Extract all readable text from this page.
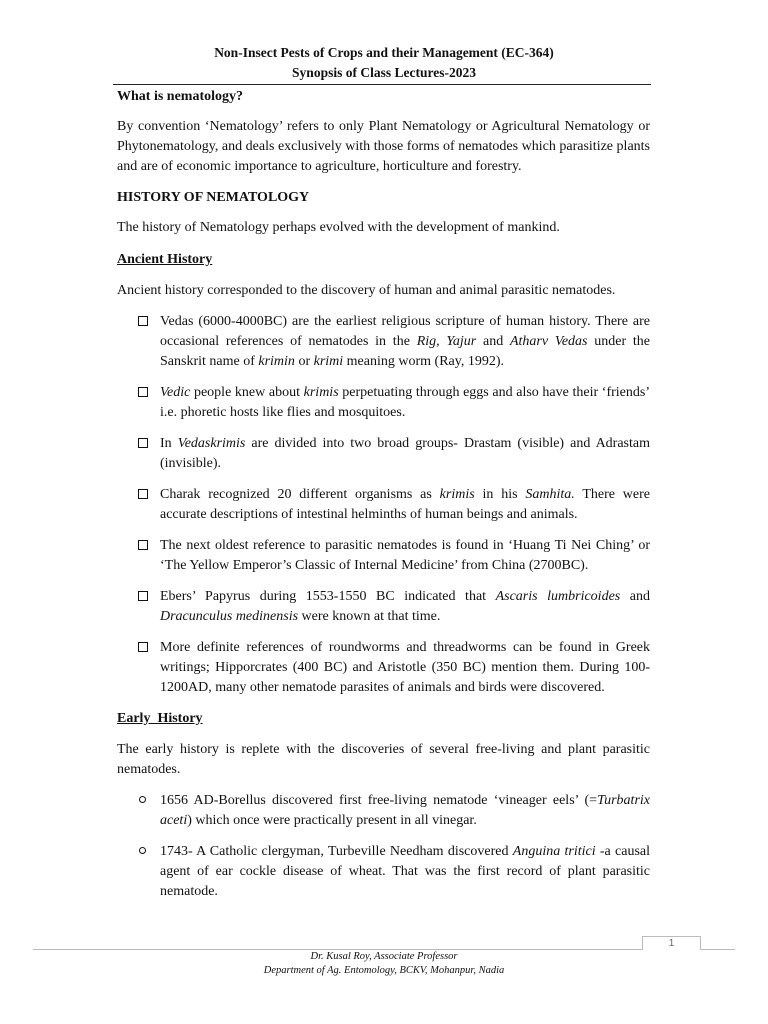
Non-Insect Pests of Crops and their Management (EC-364)
Synopsis of Class Lectures-2023

What is nematology?

By convention ‘Nematology’ refers to only Plant Nematology or Agricultural Nematology or Phytonematology, and deals exclusively with those forms of nematodes which parasitize plants and are of economic importance to agriculture, horticulture and forestry.

HISTORY OF NEMATOLOGY

The history of Nematology perhaps evolved with the development of mankind.

Ancient History

Ancient history corresponded to the discovery of human and animal parasitic nematodes.

Vedas (6000-4000BC) are the earliest religious scripture of human history. There are occasional references of nematodes in the Rig, Yajur and Atharv Vedas under the Sanskrit name of krimin or krimi meaning worm (Ray, 1992).
Vedic people knew about krimis perpetuating through eggs and also have their ‘friends’ i.e. phoretic hosts like flies and mosquitoes.
In Vedaskrimis are divided into two broad groups- Drastam (visible) and Adrastam (invisible).
Charak recognized 20 different organisms as krimis in his Samhita. There were accurate descriptions of intestinal helminths of human beings and animals.
The next oldest reference to parasitic nematodes is found in ‘Huang Ti Nei Ching’ or ‘The Yellow Emperor’s Classic of Internal Medicine’ from China (2700BC).
Ebers’ Papyrus during 1553-1550 BC indicated that Ascaris lumbricoides and Dracunculus medinensis were known at that time.
More definite references of roundworms and threadworms can be found in Greek writings; Hipporcrates (400 BC) and Aristotle (350 BC) mention them. During 100-1200AD, many other nematode parasites of animals and birds were discovered.

Early  History

The early history is replete with the discoveries of several free-living and plant parasitic nematodes.

1656 AD-Borellus discovered first free-living nematode ‘vineager eels’ (=Turbatrix aceti) which once were practically present in all vinegar.
1743- A Catholic clergyman, Turbeville Needham discovered Anguina tritici -a causal agent of ear cockle disease of wheat. That was the first record of plant parasitic nematode.
1
Dr. Kusal Roy, Associate Professor
Department of Ag. Entomology, BCKV, Mohanpur, Nadia
